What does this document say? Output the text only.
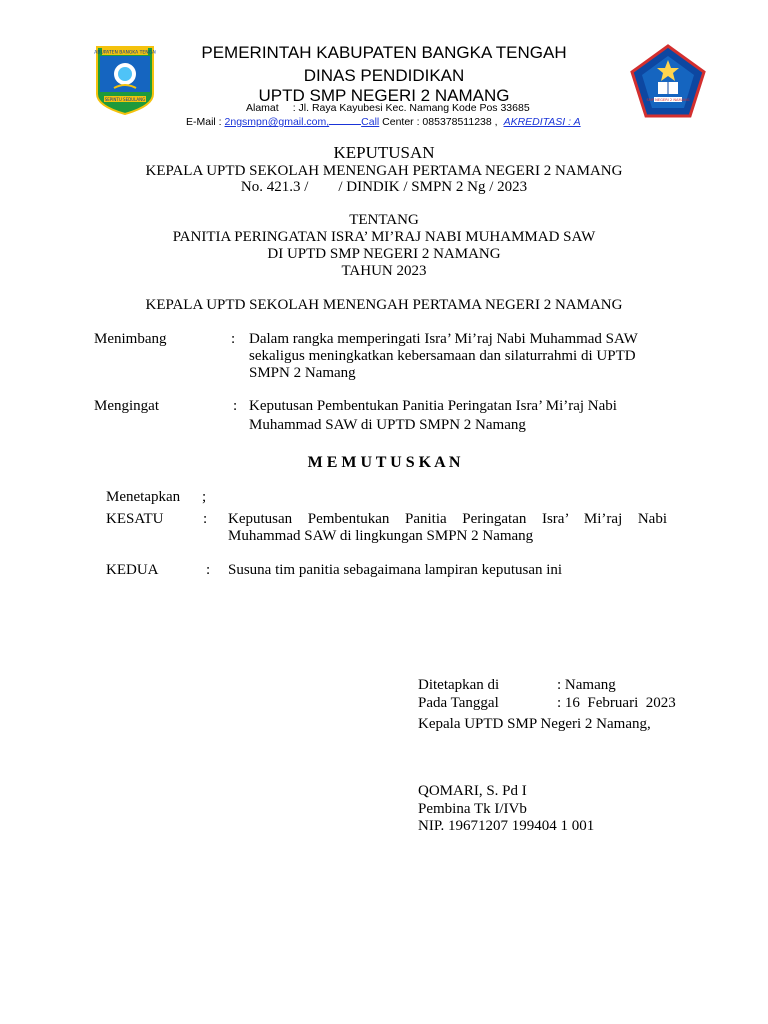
KABUPATEN BANGKA TENGAH
SEPINTU SEDULANG	SMP NEGERI 2 NAMANG
PEMERINTAH KABUPATEN BANGKA TENGAH
DINAS PENDIDIKAN
UPTD SMP NEGERI 2 NAMANG
Alamat : Jl. Raya Kayubesi Kec. Namang Kode Pos 33685
E-Mail : 2ngsmpn@gmail.com,	Call Center : 085378511238 , AKREDITASI : A
KEPUTUSAN
KEPALA UPTD SEKOLAH MENENGAH PERTAMA NEGERI 2 NAMANG
No. 421.3 /        / DINDIK / SMPN 2 Ng / 2023
TENTANG
PANITIA PERINGATAN ISRA’ MI’RAJ NABI MUHAMMAD SAW
DI UPTD SMP NEGERI 2 NAMANG
TAHUN 2023
KEPALA UPTD SEKOLAH MENENGAH PERTAMA NEGERI 2 NAMANG
Menimbang	: Dalam rangka memperingati Isra’ Mi’raj Nabi Muhammad SAW
sekaligus meningkatkan kebersamaan dan silaturrahmi di UPTD
SMPN 2 Namang
Mengingat	: Keputusan Pembentukan Panitia Peringatan Isra’ Mi’raj Nabi
Muhammad SAW di UPTD SMPN 2 Namang
M E M U T U S K A N
Menetapkan ;
KESATU	: Keputusan Pembentukan Panitia Peringatan Isra’ Mi’raj Nabi
Muhammad SAW di lingkungan SMPN 2 Namang
KEDUA	: Susuna tim panitia sebagaimana lampiran keputusan ini
Ditetapkan di	: Namang
Pada Tanggal	: 16  Februari  2023
Kepala UPTD SMP Negeri 2 Namang,
QOMARI, S. Pd I
Pembina Tk I/IVb
NIP. 19671207 199404 1 001
